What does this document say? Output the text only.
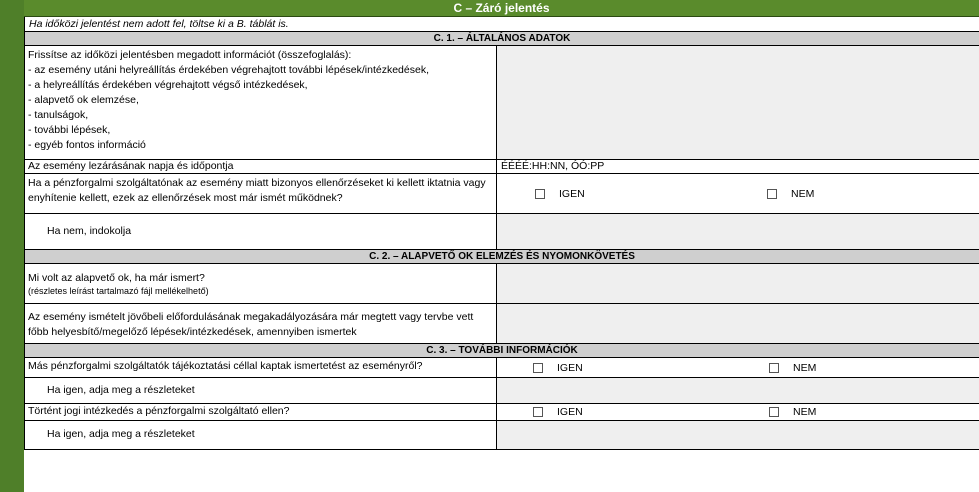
C – Záró jelentés
Ha időközi jelentést nem adott fel, töltse ki a B. táblát is.
C. 1. – ÁLTALÁNOS ADATOK
Frissítse az időközi jelentésben megadott információt (összefoglalás):
- az esemény utáni helyreállítás érdekében végrehajtott további lépések/intézkedések,
- a helyreállítás érdekében végrehajtott végső intézkedések,
- alapvető ok elemzése,
- tanulságok,
- további lépések,
- egyéb fontos információ
Az esemény lezárásának napja és időpontja	ÉÉÉÉ:HH:NN, ÓÓ:PP
Ha a pénzforgalmi szolgáltatónak az esemény miatt bizonyos ellenőrzéseket ki kellett iktatnia vagy enyhítenie kellett, ezek az ellenőrzések most már ismét működnek?	IGEN	NEM
Ha nem, indokolja
C. 2. – ALAPVETŐ OK ELEMZÉS ÉS NYOMONKÖVETÉS
Mi volt az alapvető ok, ha már ismert?
(részletes leírást tartalmazó fájl mellékelhető)
Az esemény ismételt jövőbeli előfordulásának megakadályozására már megtett vagy tervbe vett főbb helyesbítő/megelőző lépések/intézkedések, amennyiben ismertek
C. 3. – TOVÁBBI INFORMÁCIÓK
Más pénzforgalmi szolgáltatók tájékoztatási céllal kaptak ismertetést az eseményről?	IGEN	NEM
Ha igen, adja meg a részleteket
Történt jogi intézkedés a pénzforgalmi szolgáltató ellen?	IGEN	NEM
Ha igen, adja meg a részleteket
